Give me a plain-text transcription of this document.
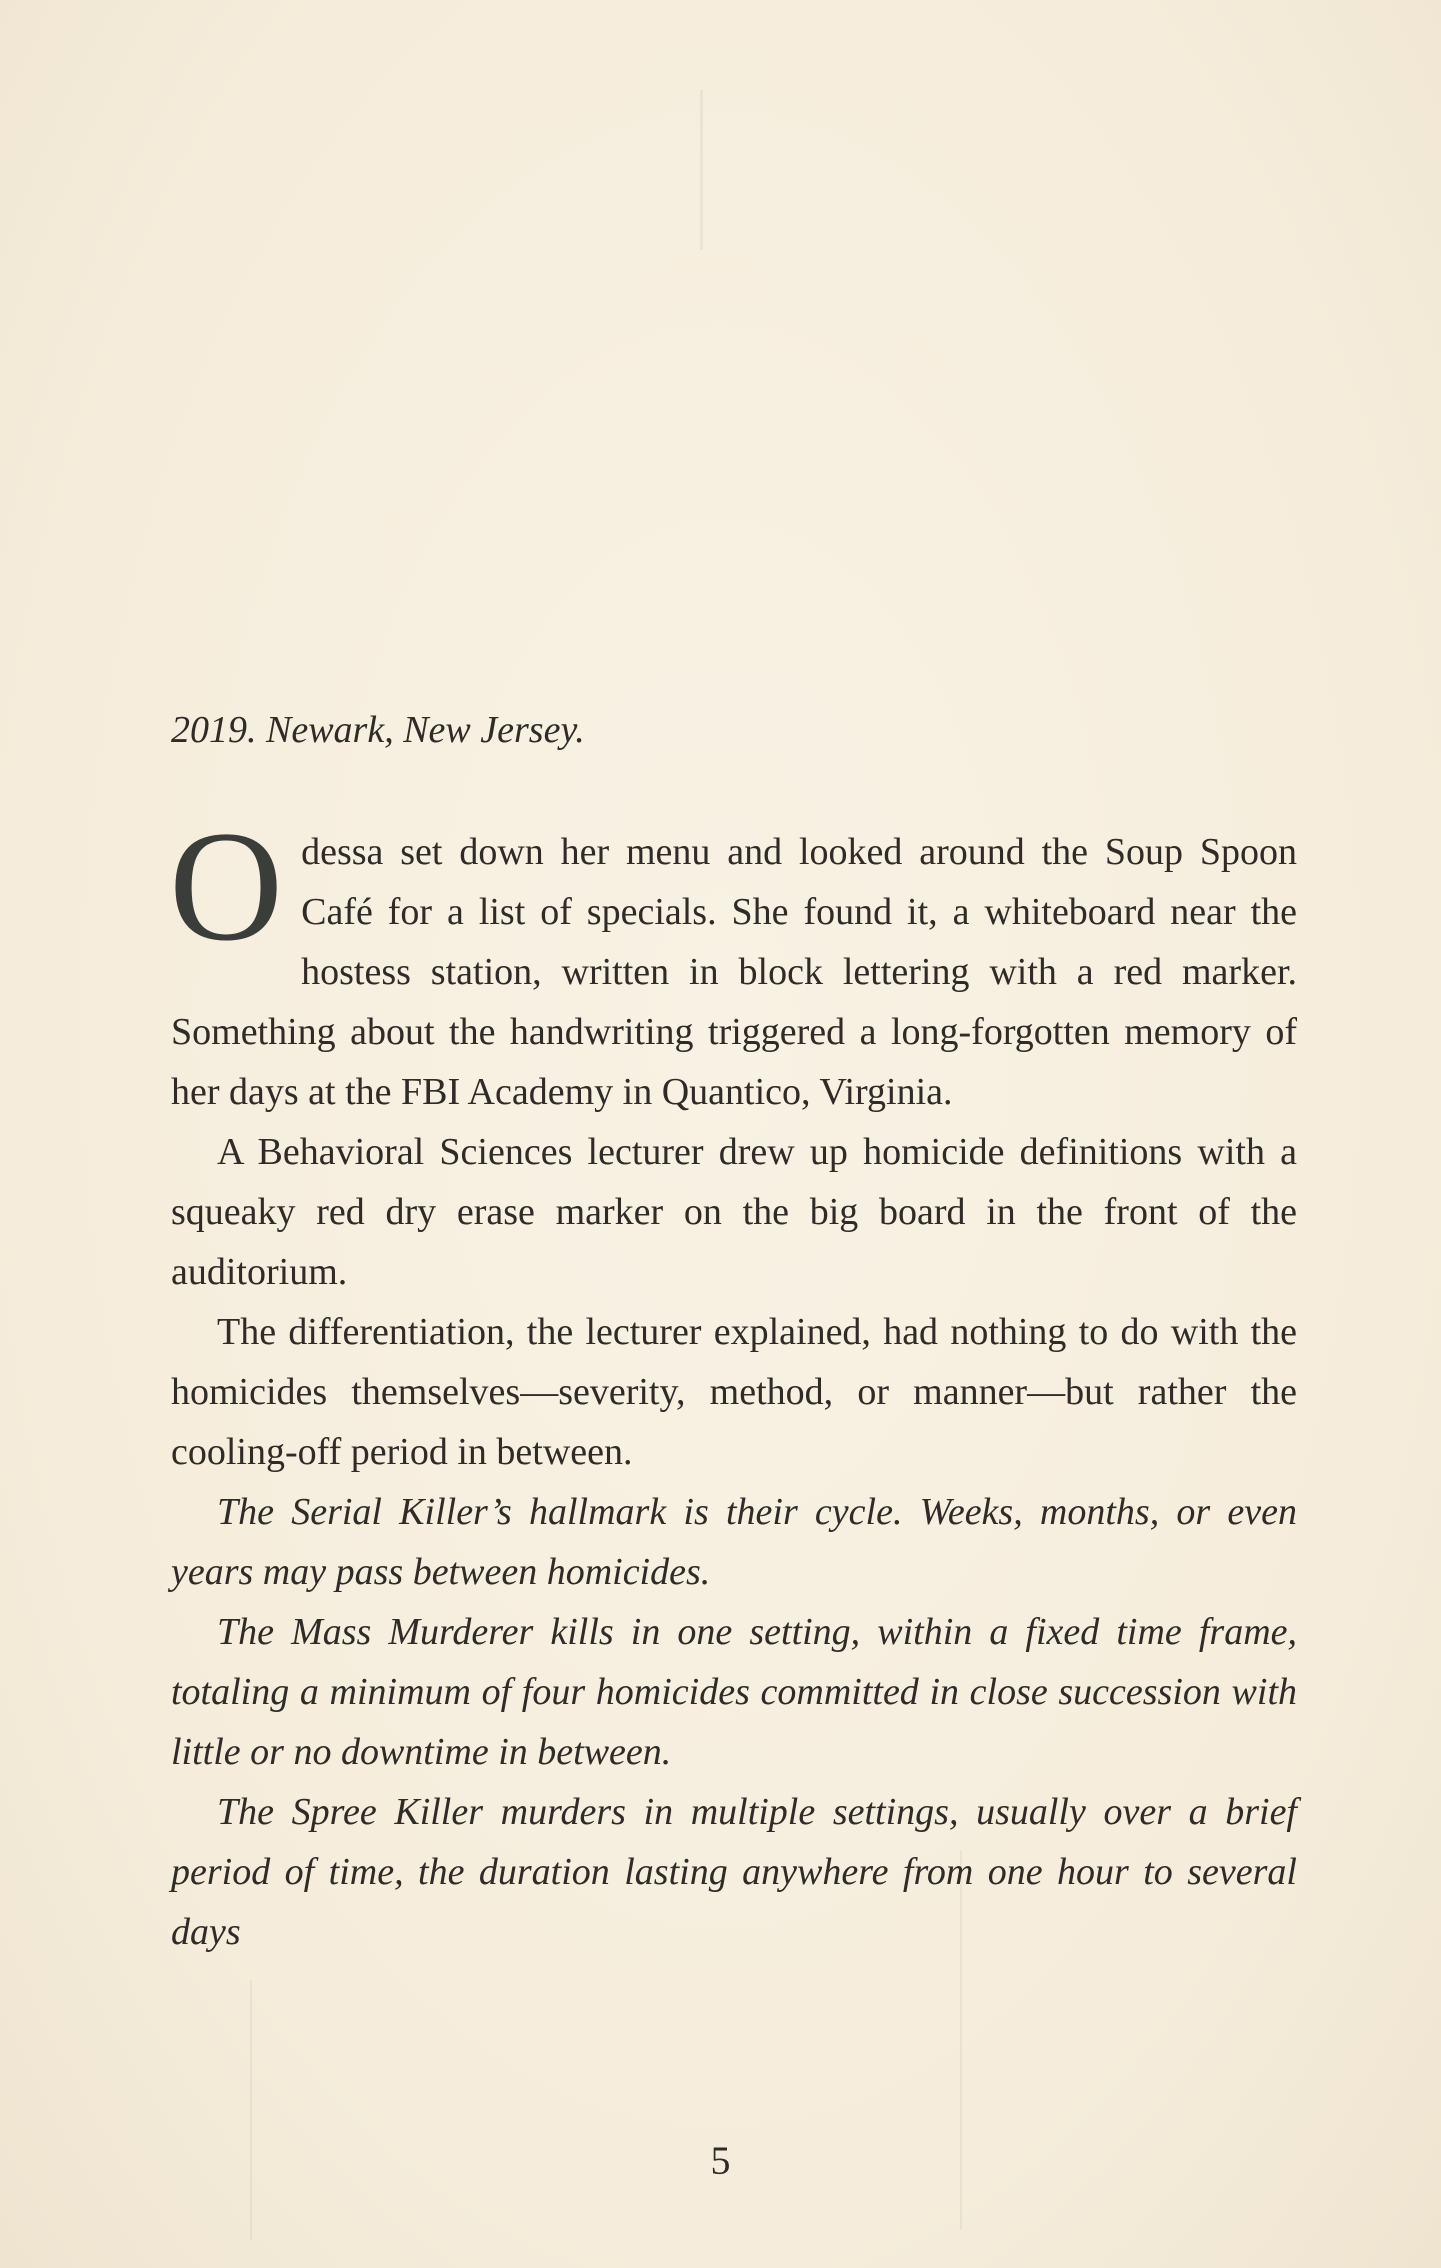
2019. Newark, New Jersey.

Odessa set down her menu and looked around the Soup Spoon Café for a list of specials. She found it, a whiteboard near the hostess station, written in block lettering with a red marker. Something about the handwriting triggered a long-forgotten memory of her days at the FBI Academy in Quantico, Virginia.

A Behavioral Sciences lecturer drew up homicide definitions with a squeaky red dry erase marker on the big board in the front of the auditorium.

The differentiation, the lecturer explained, had nothing to do with the homicides themselves—severity, method, or manner—but rather the cooling-off period in between.

The Serial Killer’s hallmark is their cycle. Weeks, months, or even years may pass between homicides.

The Mass Murderer kills in one setting, within a fixed time frame, totaling a minimum of four homicides committed in close succession with little or no downtime in between.

The Spree Killer murders in multiple settings, usually over a brief period of time, the duration lasting anywhere from one hour to several days

5
